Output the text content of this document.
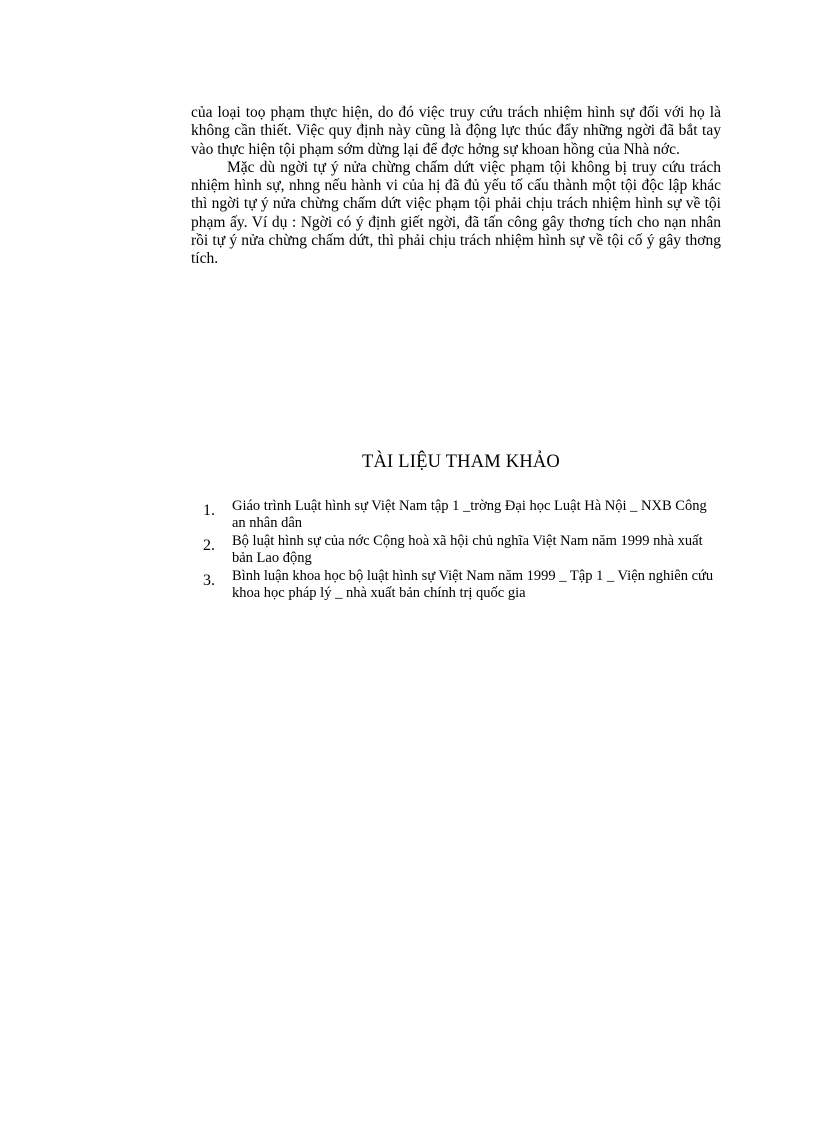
của loại toọ phạm thực hiện, do đó việc truy cứu trách nhiệm hình sự đối với họ là không cần thiết. Việc quy định này cũng là động lực thúc đẩy những ngời đã bắt tay vào thực hiện tội phạm sớm dừng lại để đợc hởng sự khoan hồng của Nhà nớc.

Mặc dù ngời tự ý nửa chừng chấm dứt việc phạm tội không bị truy cứu trách nhiệm hình sự, nhng nếu hành vi của hị đã đủ yếu tố cấu thành một tội độc lập khác thì ngời tự ý nửa chừng chấm dứt việc phạm tội phải chịu trách nhiệm hình sự về tội phạm ấy. Ví dụ : Ngời có ý định giết ngời, đã tấn công gây thơng tích cho nạn nhân rồi tự ý nửa chừng chấm dứt, thì phải chịu trách nhiệm hình sự về tội cố ý gây thơng tích.

TÀI LIỆU THAM KHẢO
1. Giáo trình Luật hình sự Việt Nam tập 1 _trờng Đại học Luật Hà Nội _ NXB Công an nhân dân
2. Bộ luật hình sự của nớc Cộng hoà xã hội chủ nghĩa Việt Nam năm 1999 nhà xuất bản Lao động
3. Bình luận khoa học bộ luật hình sự Việt Nam năm 1999 _ Tập 1 _ Viện nghiên cứu khoa học pháp lý _ nhà xuất bản chính trị quốc gia
